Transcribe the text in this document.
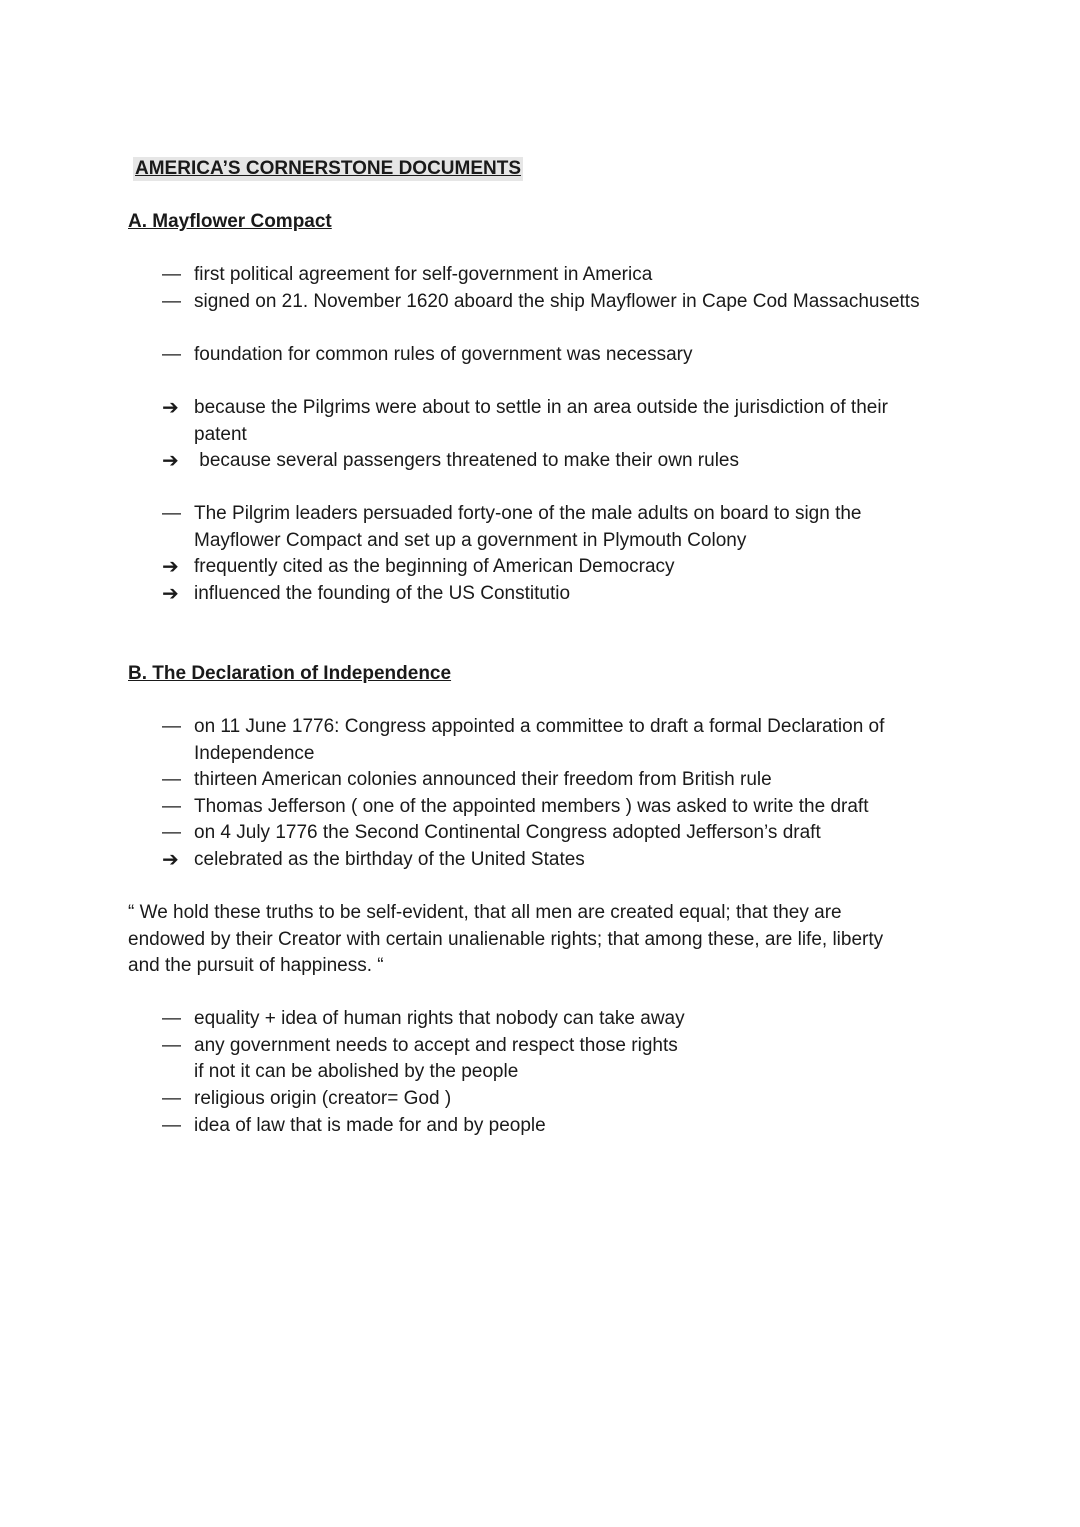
AMERICA’S CORNERSTONE DOCUMENTS
A. Mayflower Compact
— first political agreement for self-government in America
— signed on 21. November 1620 aboard the ship Mayflower in Cape Cod Massachusetts
— foundation for common rules of government was necessary
➔ because the Pilgrims were about to settle in an area outside the jurisdiction of their
patent
➔ because several passengers threatened to make their own rules
— The Pilgrim leaders persuaded forty-one of the male adults on board to sign the
Mayflower Compact and set up a government in Plymouth Colony
➔ frequently cited as the beginning of American Democracy
➔ influenced the founding of the US Constitutio
B. The Declaration of Independence
— on 11 June 1776: Congress appointed a committee to draft a formal Declaration of
Independence
— thirteen American colonies announced their freedom from British rule
— Thomas Jefferson ( one of the appointed members ) was asked to write the draft
— on 4 July 1776 the Second Continental Congress adopted Jefferson’s draft
➔ celebrated as the birthday of the United States
“ We hold these truths to be self-evident, that all men are created equal; that they are
endowed by their Creator with certain unalienable rights; that among these, are life, liberty
and the pursuit of happiness. “
— equality + idea of human rights that nobody can take away
— any government needs to accept and respect those rights
if not it can be abolished by the people
— religious origin (creator= God )
— idea of law that is made for and by people
